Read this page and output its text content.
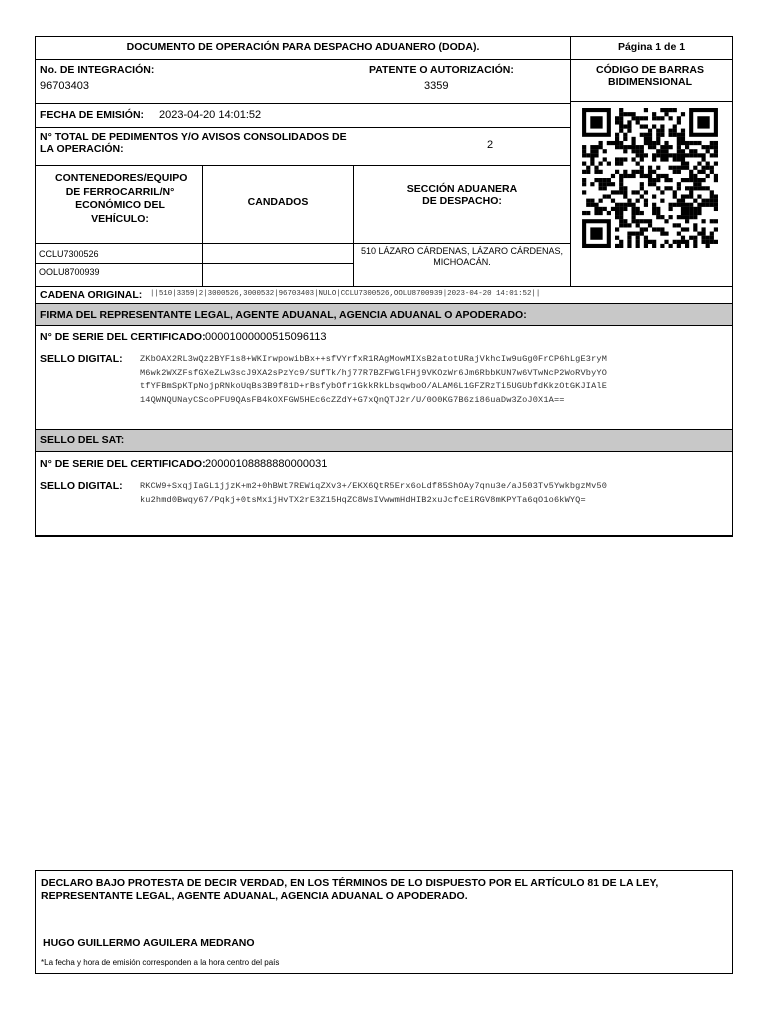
DOCUMENTO DE OPERACIÓN PARA DESPACHO ADUANERO (DODA).	Página 1 de 1
No. DE INTEGRACIÓN:
96703403
PATENTE O AUTORIZACIÓN:
3359
CÓDIGO DE BARRAS BIDIMENSIONAL
FECHA DE EMISIÓN: 2023-04-20 14:01:52
N° TOTAL DE PEDIMENTOS Y/O AVISOS CONSOLIDADOS DE LA OPERACIÓN:	2
CONTENEDORES/EQUIPO DE FERROCARRIL/N° ECONÓMICO DEL VEHÍCULO:
CANDADOS
SECCIÓN ADUANERA DE DESPACHO:
CCLU7300526
OOLU8700939
510 LÁZARO CÁRDENAS, LÁZARO CÁRDENAS, MICHOACÁN.
CADENA ORIGINAL: ||510|3359|2|3000526,3000532|96703403|NULO|CCLU7300526,OOLU8700939|2023-04-20 14:01:52||
FIRMA DEL REPRESENTANTE LEGAL, AGENTE ADUANAL, AGENCIA ADUANAL O APODERADO:
N° DE SERIE DEL CERTIFICADO: 00001000000515096113
SELLO DIGITAL: ZKbOAX2RL3wQz2BYF1s8+WKIrwpowibBx++sfVYrfxR1RAgMowMIXsB2atotURajVkhcIw9uGg0FrCP6hLgE3ryM
M6wk2WXZFsfGXeZLw3scJ9XA2sPzYc9/SUfTk/hj77R7BZFWGlFHj9VKOzWr6Jm6RbbKUN7w6VTwNcP2WoRVbyYO
tfYFBmSpKTpNojpRNkoUqBs3B9f81D+rBsfybOfr1GkkRkLbsqwboO/ALAM6L1GFZRzTi5UGUbfdKkzOtGKJIAlE
14QWNQUNayCScoPFU9QAsFB4kOXFGW5HEc6cZZdY+G7xQnQTJ2r/U/0O0KG7B6zi86uaDw3ZoJ0X1A==
SELLO DEL SAT:
N° DE SERIE DEL CERTIFICADO: 20000108888880000031
SELLO DIGITAL: RKCW9+SxqjIaGL1jjzK+m2+0hBWt7REWiqZXv3+/EKX6QtR5Erx6oLdf85ShOAy7qnu3e/aJ503Tv5YwkbgzMv50
ku2hmd0Bwqy67/Pqkj+0tsMxijHvTX2rE3Z15HqZC8WsIVwwmHdHIB2xuJcfcEiRGV8mKPYTa6qO1o6kWYQ=
DECLARO BAJO PROTESTA DE DECIR VERDAD, EN LOS TÉRMINOS DE LO DISPUESTO POR EL ARTÍCULO 81 DE LA LEY, REPRESENTANTE LEGAL, AGENTE ADUANAL, AGENCIA ADUANAL O APODERADO.
HUGO GUILLERMO AGUILERA MEDRANO
*La fecha y hora de emisión corresponden a la hora centro del país
